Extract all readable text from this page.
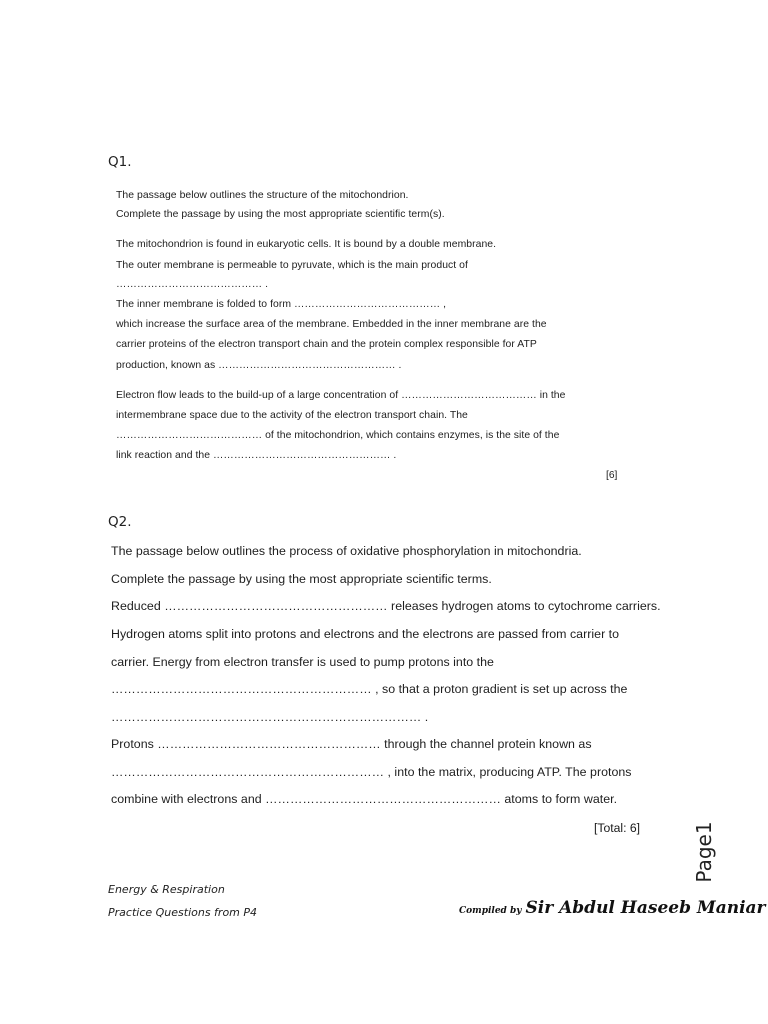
Q1.
The passage below outlines the structure of the mitochondrion.
Complete the passage by using the most appropriate scientific term(s).
The mitochondrion is found in eukaryotic cells. It is bound by a double membrane.
The outer membrane is permeable to pyruvate, which is the main product of
…………………………………… .
The inner membrane is folded to form …………………………………… ,
which increase the surface area of the membrane. Embedded in the inner membrane are the
carrier proteins of the electron transport chain and the protein complex responsible for ATP
production, known as …………………………………………… .
Electron flow leads to the build-up of a large concentration of ………………………………… in the
intermembrane space due to the activity of the electron transport chain. The
…………………………………… of the mitochondrion, which contains enzymes, is the site of the
link reaction and the …………………………………………… .
[6]
Q2.
The passage below outlines the process of oxidative phosphorylation in mitochondria.
Complete the passage by using the most appropriate scientific terms.
Reduced ……………………………………………… releases hydrogen atoms to cytochrome carriers.
Hydrogen atoms split into protons and electrons and the electrons are passed from carrier to
carrier. Energy from electron transfer is used to pump protons into the
……………………………………………………… , so that a proton gradient is set up across the
………………………………………………………………… .
Protons ……………………………………………… through the channel protein known as
………………………………………………………… , into the matrix, producing ATP. The protons
combine with electrons and ………………………………………………… atoms to form water.
[Total: 6]	Page1
Energy & Respiration
Practice Questions from P4	Compiled by Sir Abdul Haseeb Maniar
